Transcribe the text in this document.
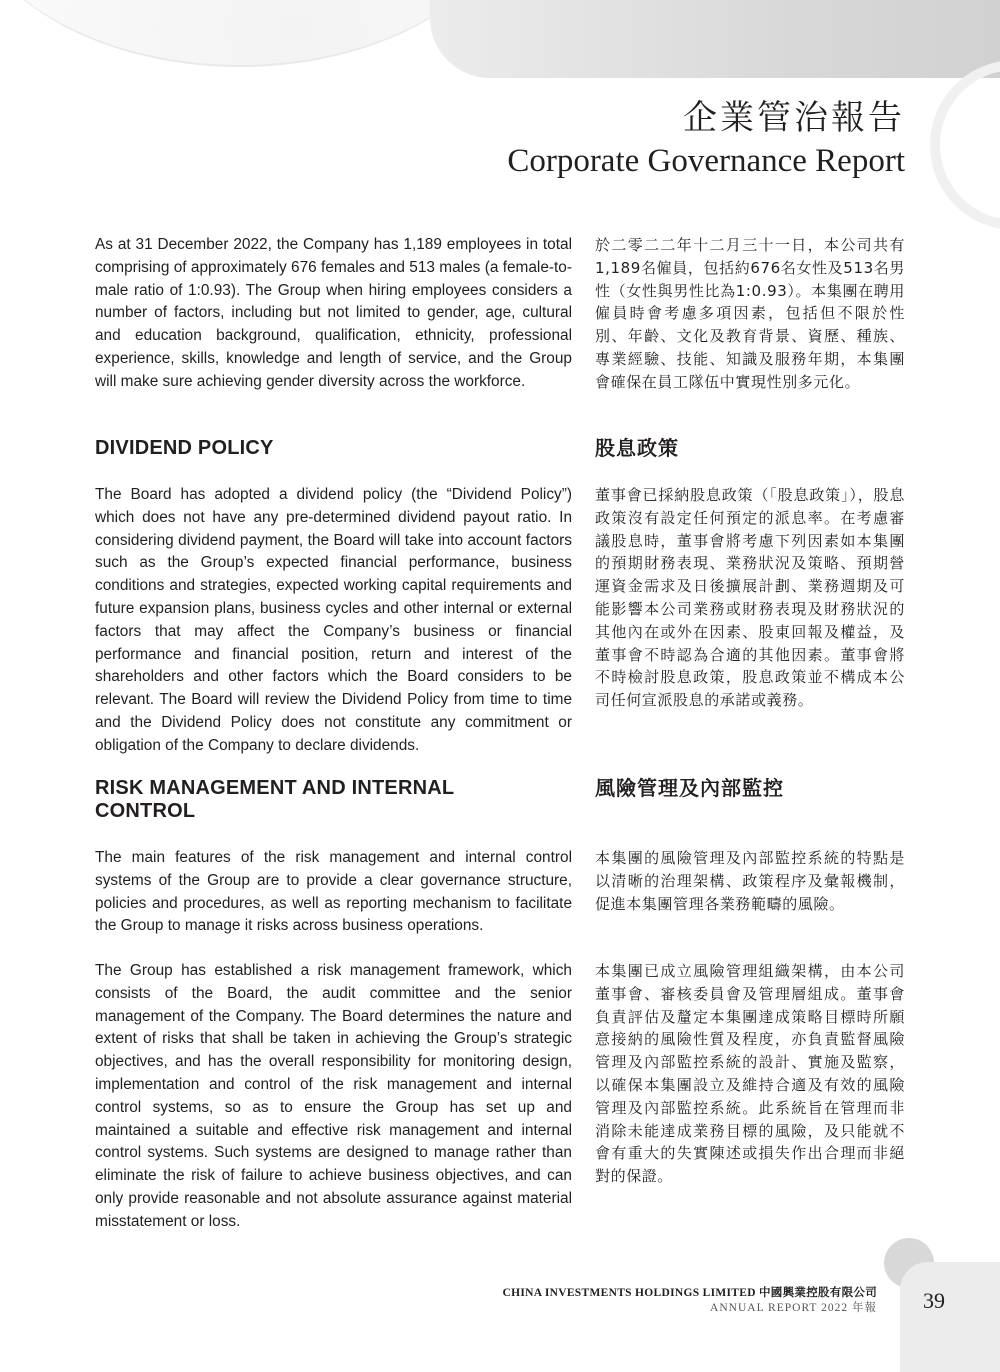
企業管治報告
Corporate Governance Report
As at 31 December 2022, the Company has 1,189 employees in total comprising of approximately 676 females and 513 males (a female-to-male ratio of 1:0.93). The Group when hiring employees considers a number of factors, including but not limited to gender, age, cultural and education background, qualification, ethnicity, professional experience, skills, knowledge and length of service, and the Group will make sure achieving gender diversity across the workforce.
於二零二二年十二月三十一日，本公司共有1,189名僱員，包括約676名女性及513名男性（女性與男性比為1:0.93）。本集團在聘用僱員時會考慮多項因素，包括但不限於性別、年齡、文化及教育背景、資歷、種族、專業經驗、技能、知識及服務年期，本集團會確保在員工隊伍中實現性別多元化。
DIVIDEND POLICY	股息政策
The Board has adopted a dividend policy (the “Dividend Policy”) which does not have any pre-determined dividend payout ratio. In considering dividend payment, the Board will take into account factors such as the Group’s expected financial performance, business conditions and strategies, expected working capital requirements and future expansion plans, business cycles and other internal or external factors that may affect the Company’s business or financial performance and financial position, return and interest of the shareholders and other factors which the Board considers to be relevant. The Board will review the Dividend Policy from time to time and the Dividend Policy does not constitute any commitment or obligation of the Company to declare dividends.
董事會已採納股息政策（「股息政策」），股息政策沒有設定任何預定的派息率。在考慮審議股息時，董事會將考慮下列因素如本集團的預期財務表現、業務狀況及策略、預期營運資金需求及日後擴展計劃、業務週期及可能影響本公司業務或財務表現及財務狀況的其他內在或外在因素、股東回報及權益，及董事會不時認為合適的其他因素。董事會將不時檢討股息政策，股息政策並不構成本公司任何宣派股息的承諾或義務。
RISK MANAGEMENT AND INTERNAL CONTROL
風險管理及內部監控
The main features of the risk management and internal control systems of the Group are to provide a clear governance structure, policies and procedures, as well as reporting mechanism to facilitate the Group to manage it risks across business operations.
本集團的風險管理及內部監控系統的特點是以清晰的治理架構、政策程序及彙報機制，促進本集團管理各業務範疇的風險。
The Group has established a risk management framework, which consists of the Board, the audit committee and the senior management of the Company. The Board determines the nature and extent of risks that shall be taken in achieving the Group’s strategic objectives, and has the overall responsibility for monitoring design, implementation and control of the risk management and internal control systems, so as to ensure the Group has set up and maintained a suitable and effective risk management and internal control systems. Such systems are designed to manage rather than eliminate the risk of failure to achieve business objectives, and can only provide reasonable and not absolute assurance against material misstatement or loss.
本集團已成立風險管理組織架構，由本公司董事會、審核委員會及管理層組成。董事會負責評估及釐定本集團達成策略目標時所願意接納的風險性質及程度，亦負責監督風險管理及內部監控系統的設計、實施及監察，以確保本集團設立及維持合適及有效的風險管理及內部監控系統。此系統旨在管理而非消除未能達成業務目標的風險，及只能就不會有重大的失實陳述或損失作出合理而非絕對的保證。
CHINA INVESTMENTS HOLDINGS LIMITED 中國興業控股有限公司
ANNUAL REPORT 2022 年報 39
